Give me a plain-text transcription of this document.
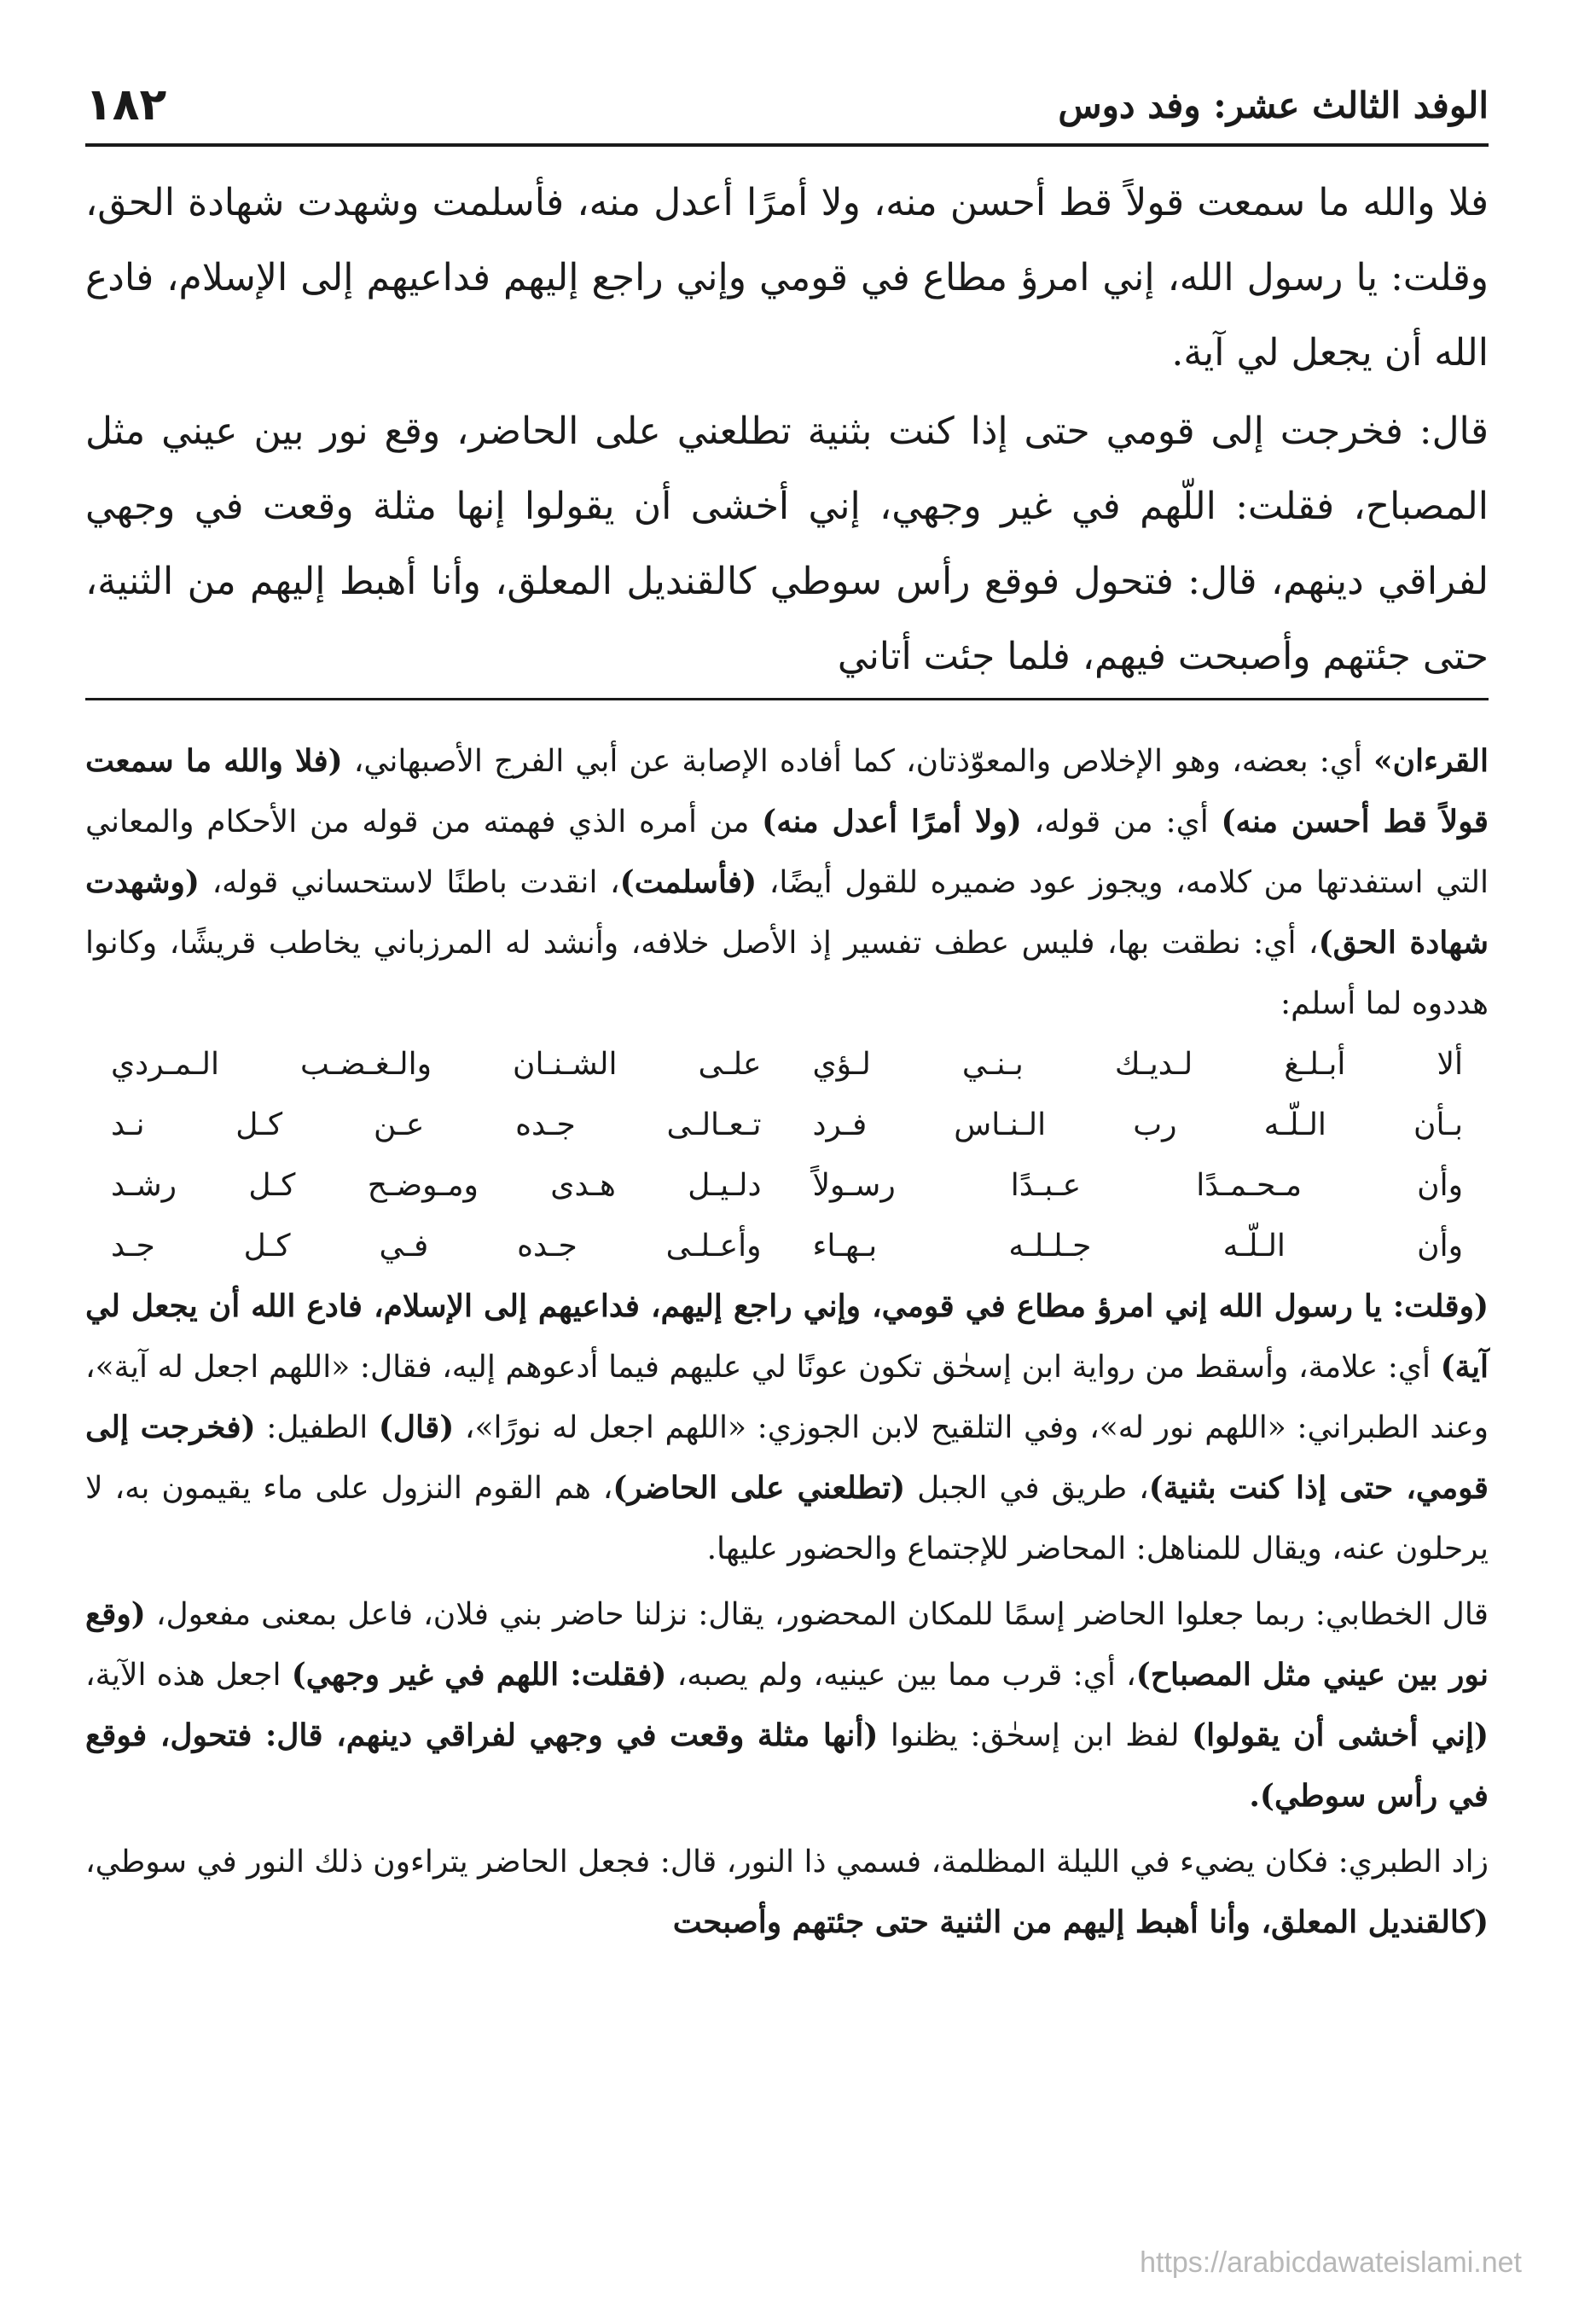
الوفد الثالث عشر: وفد دوس
١٨٢

فلا والله ما سمعت قولاً قط أحسن منه، ولا أمرًا أعدل منه، فأسلمت وشهدت شهادة الحق، وقلت: يا رسول الله، إني امرؤ مطاع في قومي وإني راجع إليهم فداعيهم إلى الإسلام، فادع الله أن يجعل لي آية.

قال: فخرجت إلى قومي حتى إذا كنت بثنية تطلعني على الحاضر، وقع نور بين عيني مثل المصباح، فقلت: اللّهم في غير وجهي، إني أخشى أن يقولوا إنها مثلة وقعت في وجهي لفراقي دينهم، قال: فتحول فوقع رأس سوطي كالقنديل المعلق، وأنا أهبط إليهم من الثنية، حتى جئتهم وأصبحت فيهم، فلما جئت أتاني

القرءان» أي: بعضه، وهو الإخلاص والمعوّذتان، كما أفاده الإصابة عن أبي الفرج الأصبهاني، (فلا والله ما سمعت قولاً قط أحسن منه) أي: من قوله، (ولا أمرًا أعدل منه) من أمره الذي فهمته من قوله من الأحكام والمعاني التي استفدتها من كلامه، ويجوز عود ضميره للقول أيضًا، (فأسلمت)، انقدت باطنًا لاستحساني قوله، (وشهدت شهادة الحق)، أي: نطقت بها، فليس عطف تفسير إذ الأصل خلافه، وأنشد له المرزباني يخاطب قريشًا، وكانوا هددوه لما أسلم:

ألا أبـلـغ لـديـك بـنـي لـؤي
علـى الشـنـان والـغـضـب الـمـردي
بـأن الـلّـه رب الـنـاس فـرد
تـعـالـى جـده عـن كـل نـد
وأن مـحـمـدًا عـبـدًا رسـولاً
دلـيـل هـدى ومـوضـح كـل رشـد
وأن الـلّـه جـلـلـه بـهـاء
وأعـلـى جـده فـي كـل جـد

(وقلت: يا رسول الله إني امرؤ مطاع في قومي، وإني راجع إليهم، فداعيهم إلى الإسلام، فادع الله أن يجعل لي آية) أي: علامة، وأسقط من رواية ابن إسحٰق تكون عونًا لي عليهم فيما أدعوهم إليه، فقال: «اللهم اجعل له آية»، وعند الطبراني: «اللهم نور له»، وفي التلقيح لابن الجوزي: «اللهم اجعل له نورًا»، (قال) الطفيل: (فخرجت إلى قومي، حتى إذا كنت بثنية)، طريق في الجبل (تطلعني على الحاضر)، هم القوم النزول على ماء يقيمون به، لا يرحلون عنه، ويقال للمناهل: المحاضر للإجتماع والحضور عليها.

قال الخطابي: ربما جعلوا الحاضر إسمًا للمكان المحضور، يقال: نزلنا حاضر بني فلان، فاعل بمعنى مفعول، (وقع نور بين عيني مثل المصباح)، أي: قرب مما بين عينيه، ولم يصبه، (فقلت: اللهم في غير وجهي) اجعل هذه الآية، (إني أخشى أن يقولوا) لفظ ابن إسحٰق: يظنوا (أنها مثلة وقعت في وجهي لفراقي دينهم، قال: فتحول، فوقع في رأس سوطي).

زاد الطبري: فكان يضيء في الليلة المظلمة، فسمي ذا النور، قال: فجعل الحاضر يتراءون ذلك النور في سوطي، (كالقنديل المعلق، وأنا أهبط إليهم من الثنية حتى جئتهم وأصبحت

https://arabicdawateislami.net
